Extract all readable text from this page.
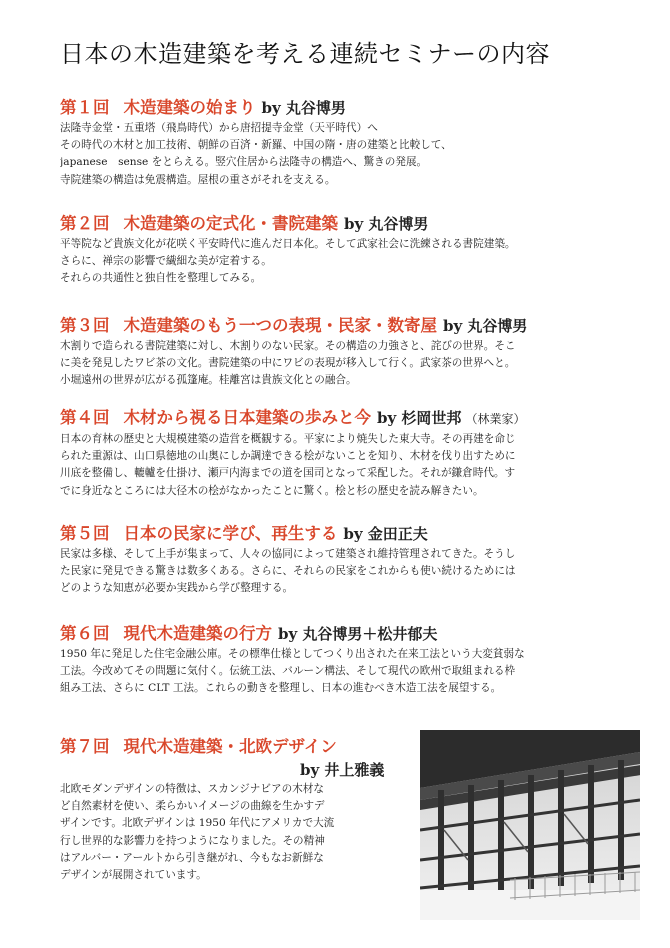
日本の木造建築を考える連続セミナーの内容
第１回 木造建築の始まり by 丸谷博男
法隆寺金堂・五重塔（飛鳥時代）から唐招提寺金堂（天平時代）へ
その時代の木材と加工技術、朝鮮の百済・新羅、中国の隋・唐の建築と比較して、
japanese　sense をとらえる。竪穴住居から法隆寺の構造へ、驚きの発展。
寺院建築の構造は免震構造。屋根の重さがそれを支える。
第２回 木造建築の定式化・書院建築 by 丸谷博男
平等院など貴族文化が花咲く平安時代に進んだ日本化。そして武家社会に洗練される書院建築。
さらに、禅宗の影響で繊細な美が定着する。
それらの共通性と独自性を整理してみる。
第３回 木造建築のもう一つの表現・民家・数寄屋 by 丸谷博男
木割りで造られる書院建築に対し、木割りのない民家。その構造の力強さと、詫びの世界。そこ
に美を発見したワビ茶の文化。書院建築の中にワビの表現が移入して行く。武家茶の世界へと。
小堀遠州の世界が広がる孤篷庵。桂離宮は貴族文化との融合。
第４回 木材から視る日本建築の歩みと今 by 杉岡世邦 （林業家）
日本の育林の歴史と大規模建築の造営を概観する。平家により焼失した東大寺。その再建を命じ
られた重源は、山口県徳地の山奥にしか調達できる桧がないことを知り、木材を伐り出すために
川底を整備し、轆轤を仕掛け、瀬戸内海までの道を国司となって采配した。それが鎌倉時代。す
でに身近なところには大径木の桧がなかったことに驚く。桧と杉の歴史を読み解きたい。
第５回 日本の民家に学び、再生する by 金田正夫
民家は多様、そして上手が集まって、人々の協同によって建築され維持管理されてきた。そうし
た民家に発見できる驚きは数多くある。さらに、それらの民家をこれからも使い続けるためには
どのような知恵が必要か実践から学び整理する。
第６回 現代木造建築の行方 by 丸谷博男＋松井郁夫
1950 年に発足した住宅金融公庫。その標準仕様としてつくり出された在来工法という大変貧弱な
工法。今改めてその問題に気付く。伝統工法、バルーン構法、そして現代の欧州で取組まれる枠
組み工法、さらに CLT 工法。これらの動きを整理し、日本の進むべき木造工法を展望する。
第７回 現代木造建築・北欧デザイン
by 井上雅義
北欧モダンデザインの特徴は、スカンジナビアの木材な
ど自然素材を使い、柔らかいイメージの曲線を生かすデ
ザインです。北欧デザインは 1950 年代にアメリカで大流
行し世界的な影響力を持つようになりました。その精神
はアルバー・アールトから引き継がれ、今もなお新鮮な
デザインが展開されています。
